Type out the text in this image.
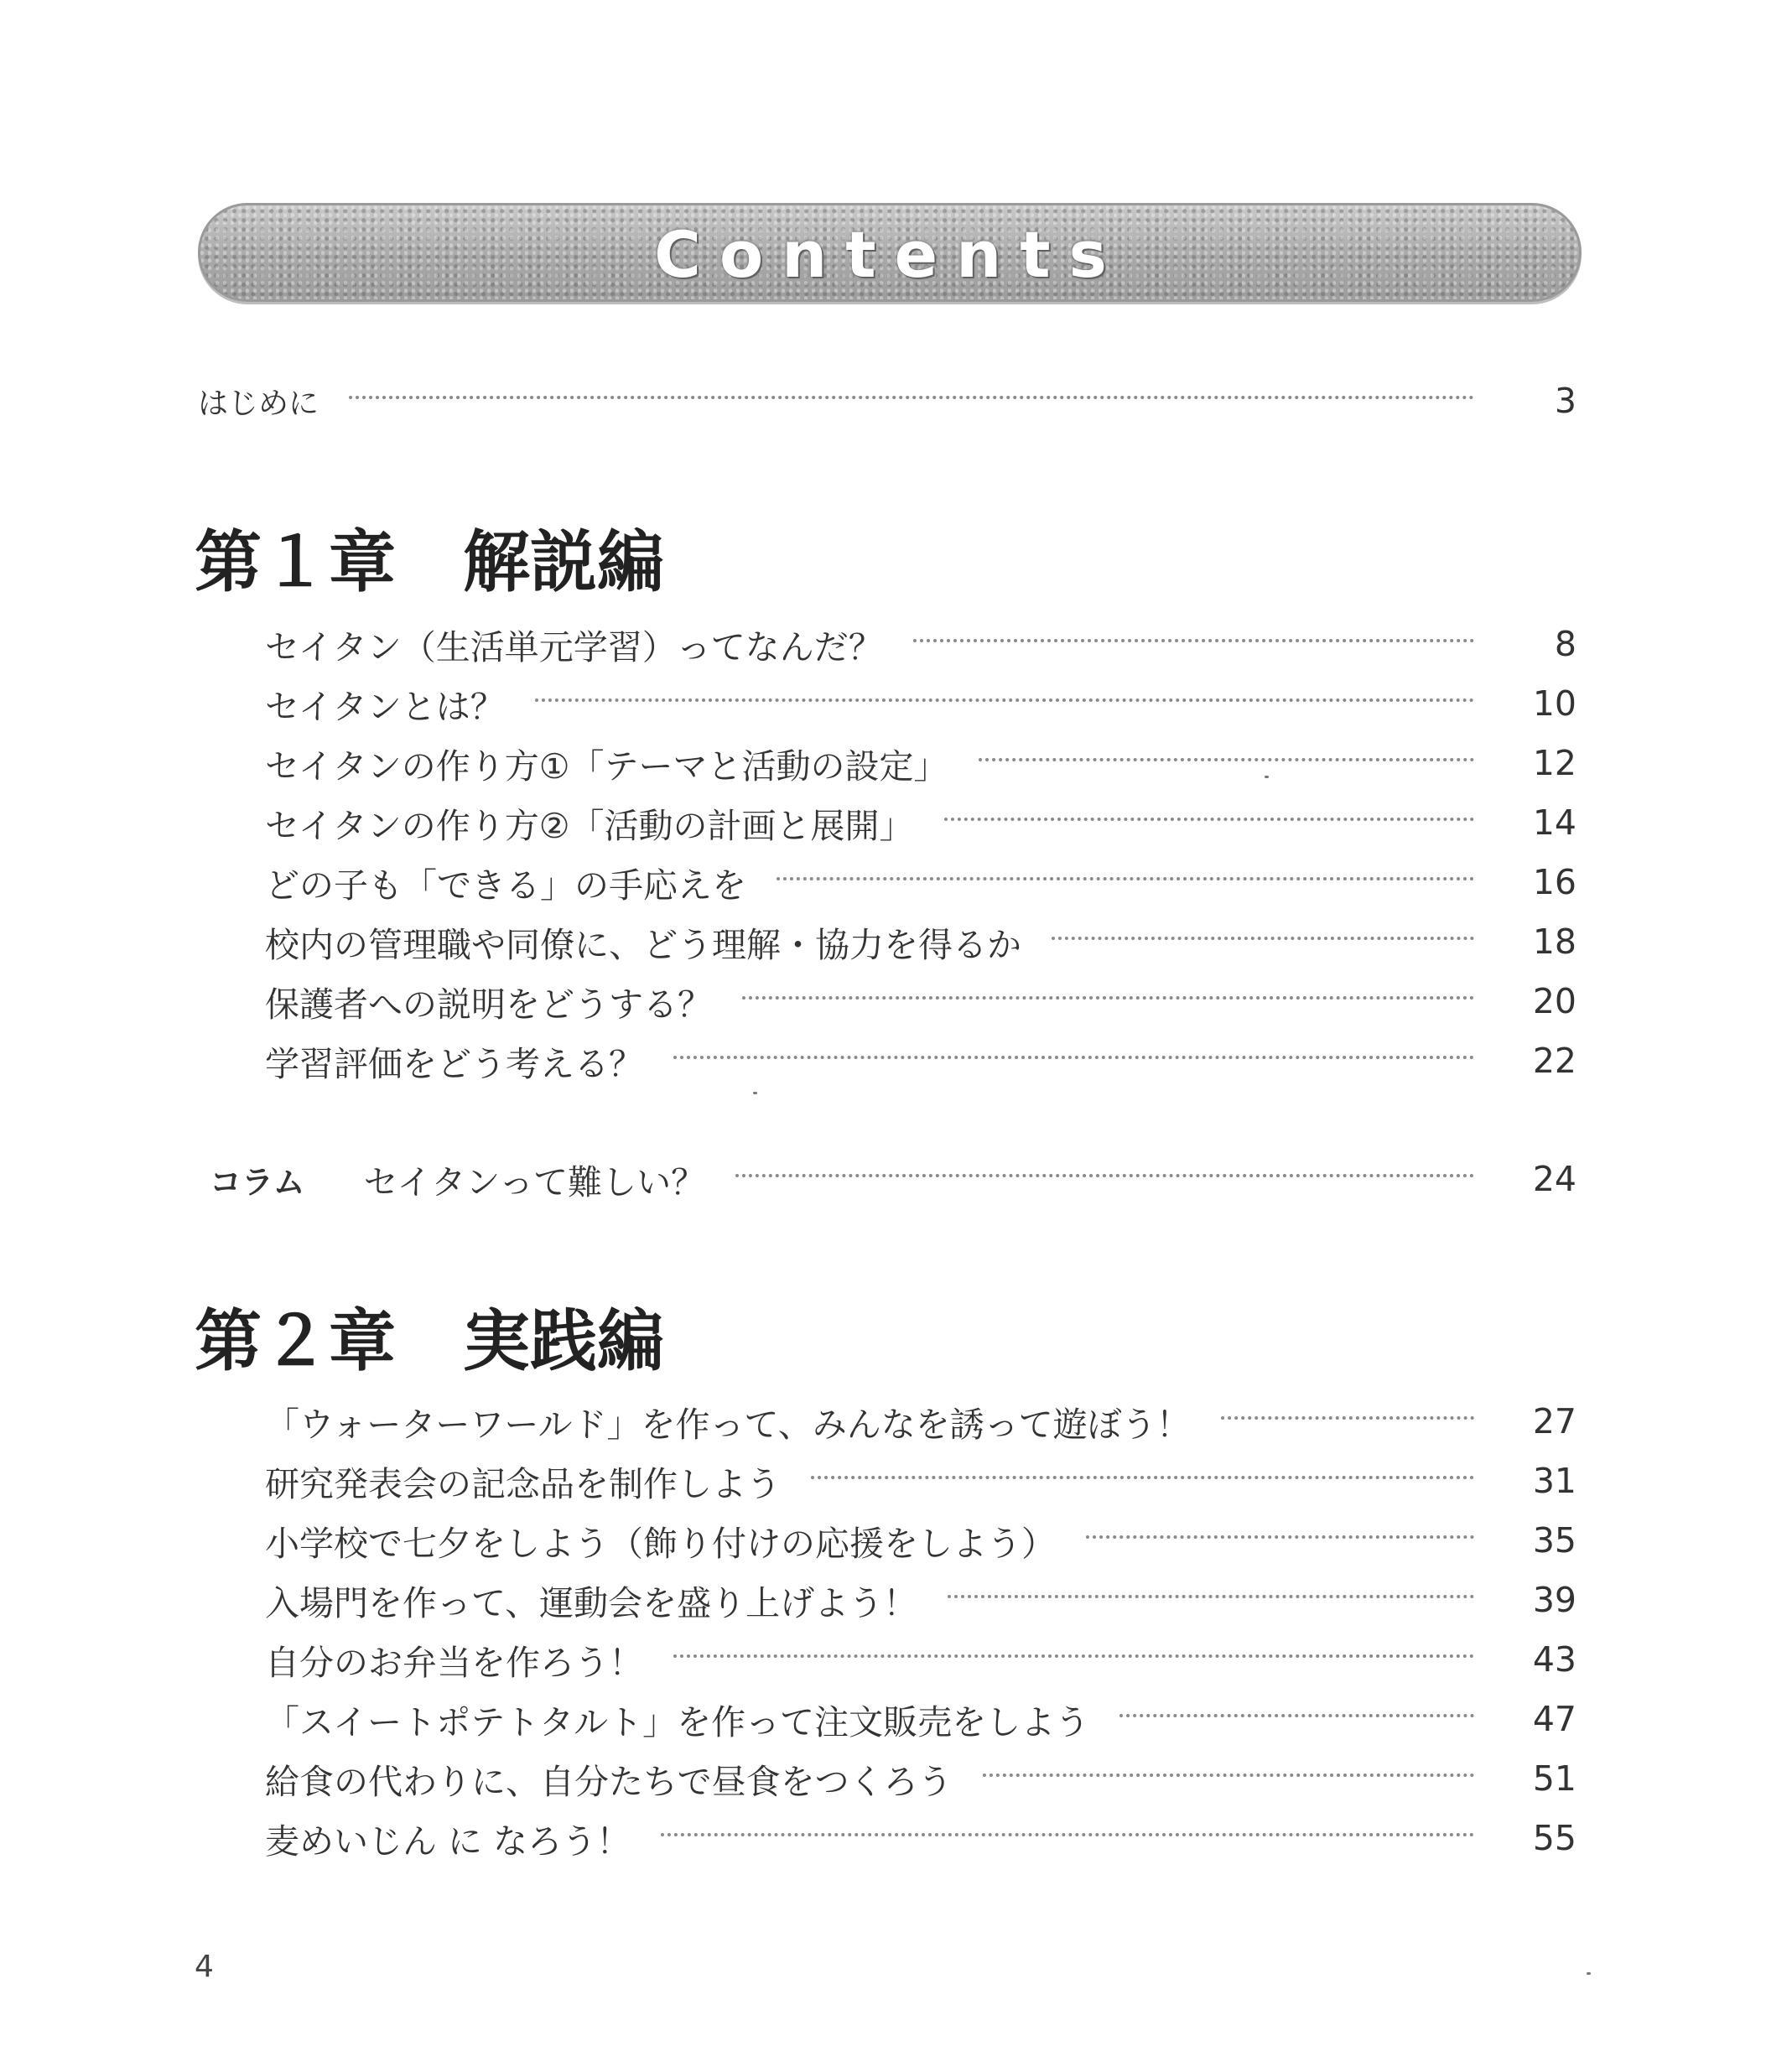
Contents
はじめに	3
第１章 解説編
セイタン（生活単元学習）ってなんだ？	8
セイタンとは？	10
セイタンの作り方①「テーマと活動の設定」	12
セイタンの作り方②「活動の計画と展開」	14
どの子も「できる」の手応えを	16
校内の管理職や同僚に、どう理解・協力を得るか	18
保護者への説明をどうする？	20
学習評価をどう考える？	22
コラム セイタンって難しい？	24
第２章 実践編
「ウォーターワールド」を作って、みんなを誘って遊ぼう！	27
研究発表会の記念品を制作しよう	31
小学校で七夕をしよう（飾り付けの応援をしよう）	35
入場門を作って、運動会を盛り上げよう！	39
自分のお弁当を作ろう！	43
「スイートポテトタルト」を作って注文販売をしよう	47
給食の代わりに、自分たちで昼食をつくろう	51
麦めいじん に なろう！	55
4
